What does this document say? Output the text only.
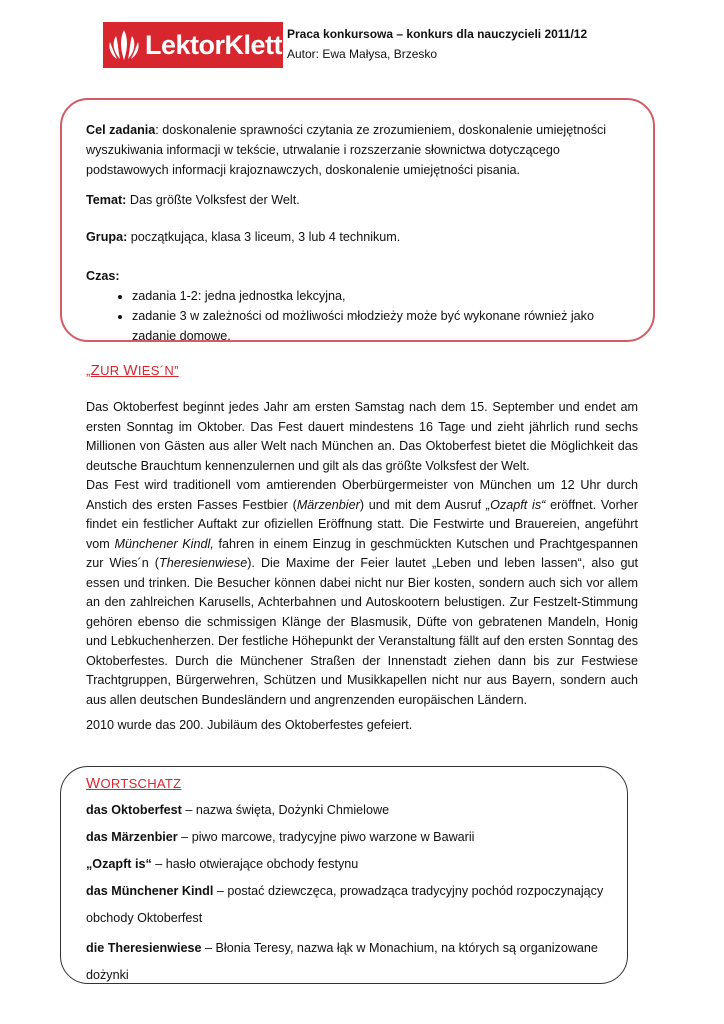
LektorKlett Praca konkursowa – konkurs dla nauczycieli 2011/12
Autor: Ewa Małysa, Brzesko

Cel zadania: doskonalenie sprawności czytania ze zrozumieniem, doskonalenie umiejętności

wyszukiwania informacji w tekście, utrwalanie i rozszerzanie słownictwa dotyczącego

podstawowych informacji krajoznawczych, doskonalenie umiejętności pisania.

Temat: Das größte Volksfest der Welt.

Grupa: początkująca, klasa 3 liceum, 3 lub 4 technikum.

Czas:

• zadania 1-2: jedna jednostka lekcyjna,
• zadanie 3 w zależności od możliwości młodzieży może być wykonane również jako zadanie domowe.
„ZUR WIES´N”

Das Oktoberfest beginnt jedes Jahr am ersten Samstag nach dem 15. September und endet am ersten Sonntag im Oktober. Das Fest dauert mindestens 16 Tage und zieht jährlich rund sechs Millionen von Gästen aus aller Welt nach München an. Das Oktoberfest bietet die Möglichkeit das deutsche Brauchtum kennenzulernen und gilt als das größte Volksfest der Welt.

Das Fest wird traditionell vom amtierenden Oberbürgermeister von München um 12 Uhr durch Anstich des ersten Fasses Festbier (Märzenbier) und mit dem Ausruf „Ozapft is“ eröffnet. Vorher findet ein festlicher Auftakt zur ofiziellen Eröffnung statt. Die Festwirte und Brauereien, angeführt vom Münchener Kindl, fahren in einem Einzug in geschmückten Kutschen und Prachtgespannen zur Wies´n (Theresienwiese). Die Maxime der Feier lautet „Leben und leben lassen“, also gut essen und trinken. Die Besucher können dabei nicht nur Bier kosten, sondern auch sich vor allem an den zahlreichen Karusells, Achterbahnen und Autoskootern belustigen. Zur Festzelt-Stimmung gehören ebenso die schmissigen Klänge der Blasmusik, Düfte von gebratenen Mandeln, Honig und Lebkuchenherzen. Der festliche Höhepunkt der Veranstaltung fällt auf den ersten Sonntag des Oktoberfestes. Durch die Münchener Straßen der Innenstadt ziehen dann bis zur Festwiese Trachtgruppen, Bürgerwehren, Schützen und Musikkapellen nicht nur aus Bayern, sondern auch aus allen deutschen Bundesländern und angrenzenden europäischen Ländern.

2010 wurde das 200. Jubiläum des Oktoberfestes gefeiert.

WORTSCHATZ

das Oktoberfest – nazwa święta, Dożynki Chmielowe

das Märzenbier – piwo marcowe, tradycyjne piwo warzone w Bawarii

„Ozapft is“ – hasło otwierające obchody festynu

das Münchener Kindl – postać dziewczęca, prowadząca tradycyjny pochód rozpoczynający

obchody Oktoberfest

die Theresienwiese – Błonia Teresy, nazwa łąk w Monachium, na których są organizowane

dożynki
